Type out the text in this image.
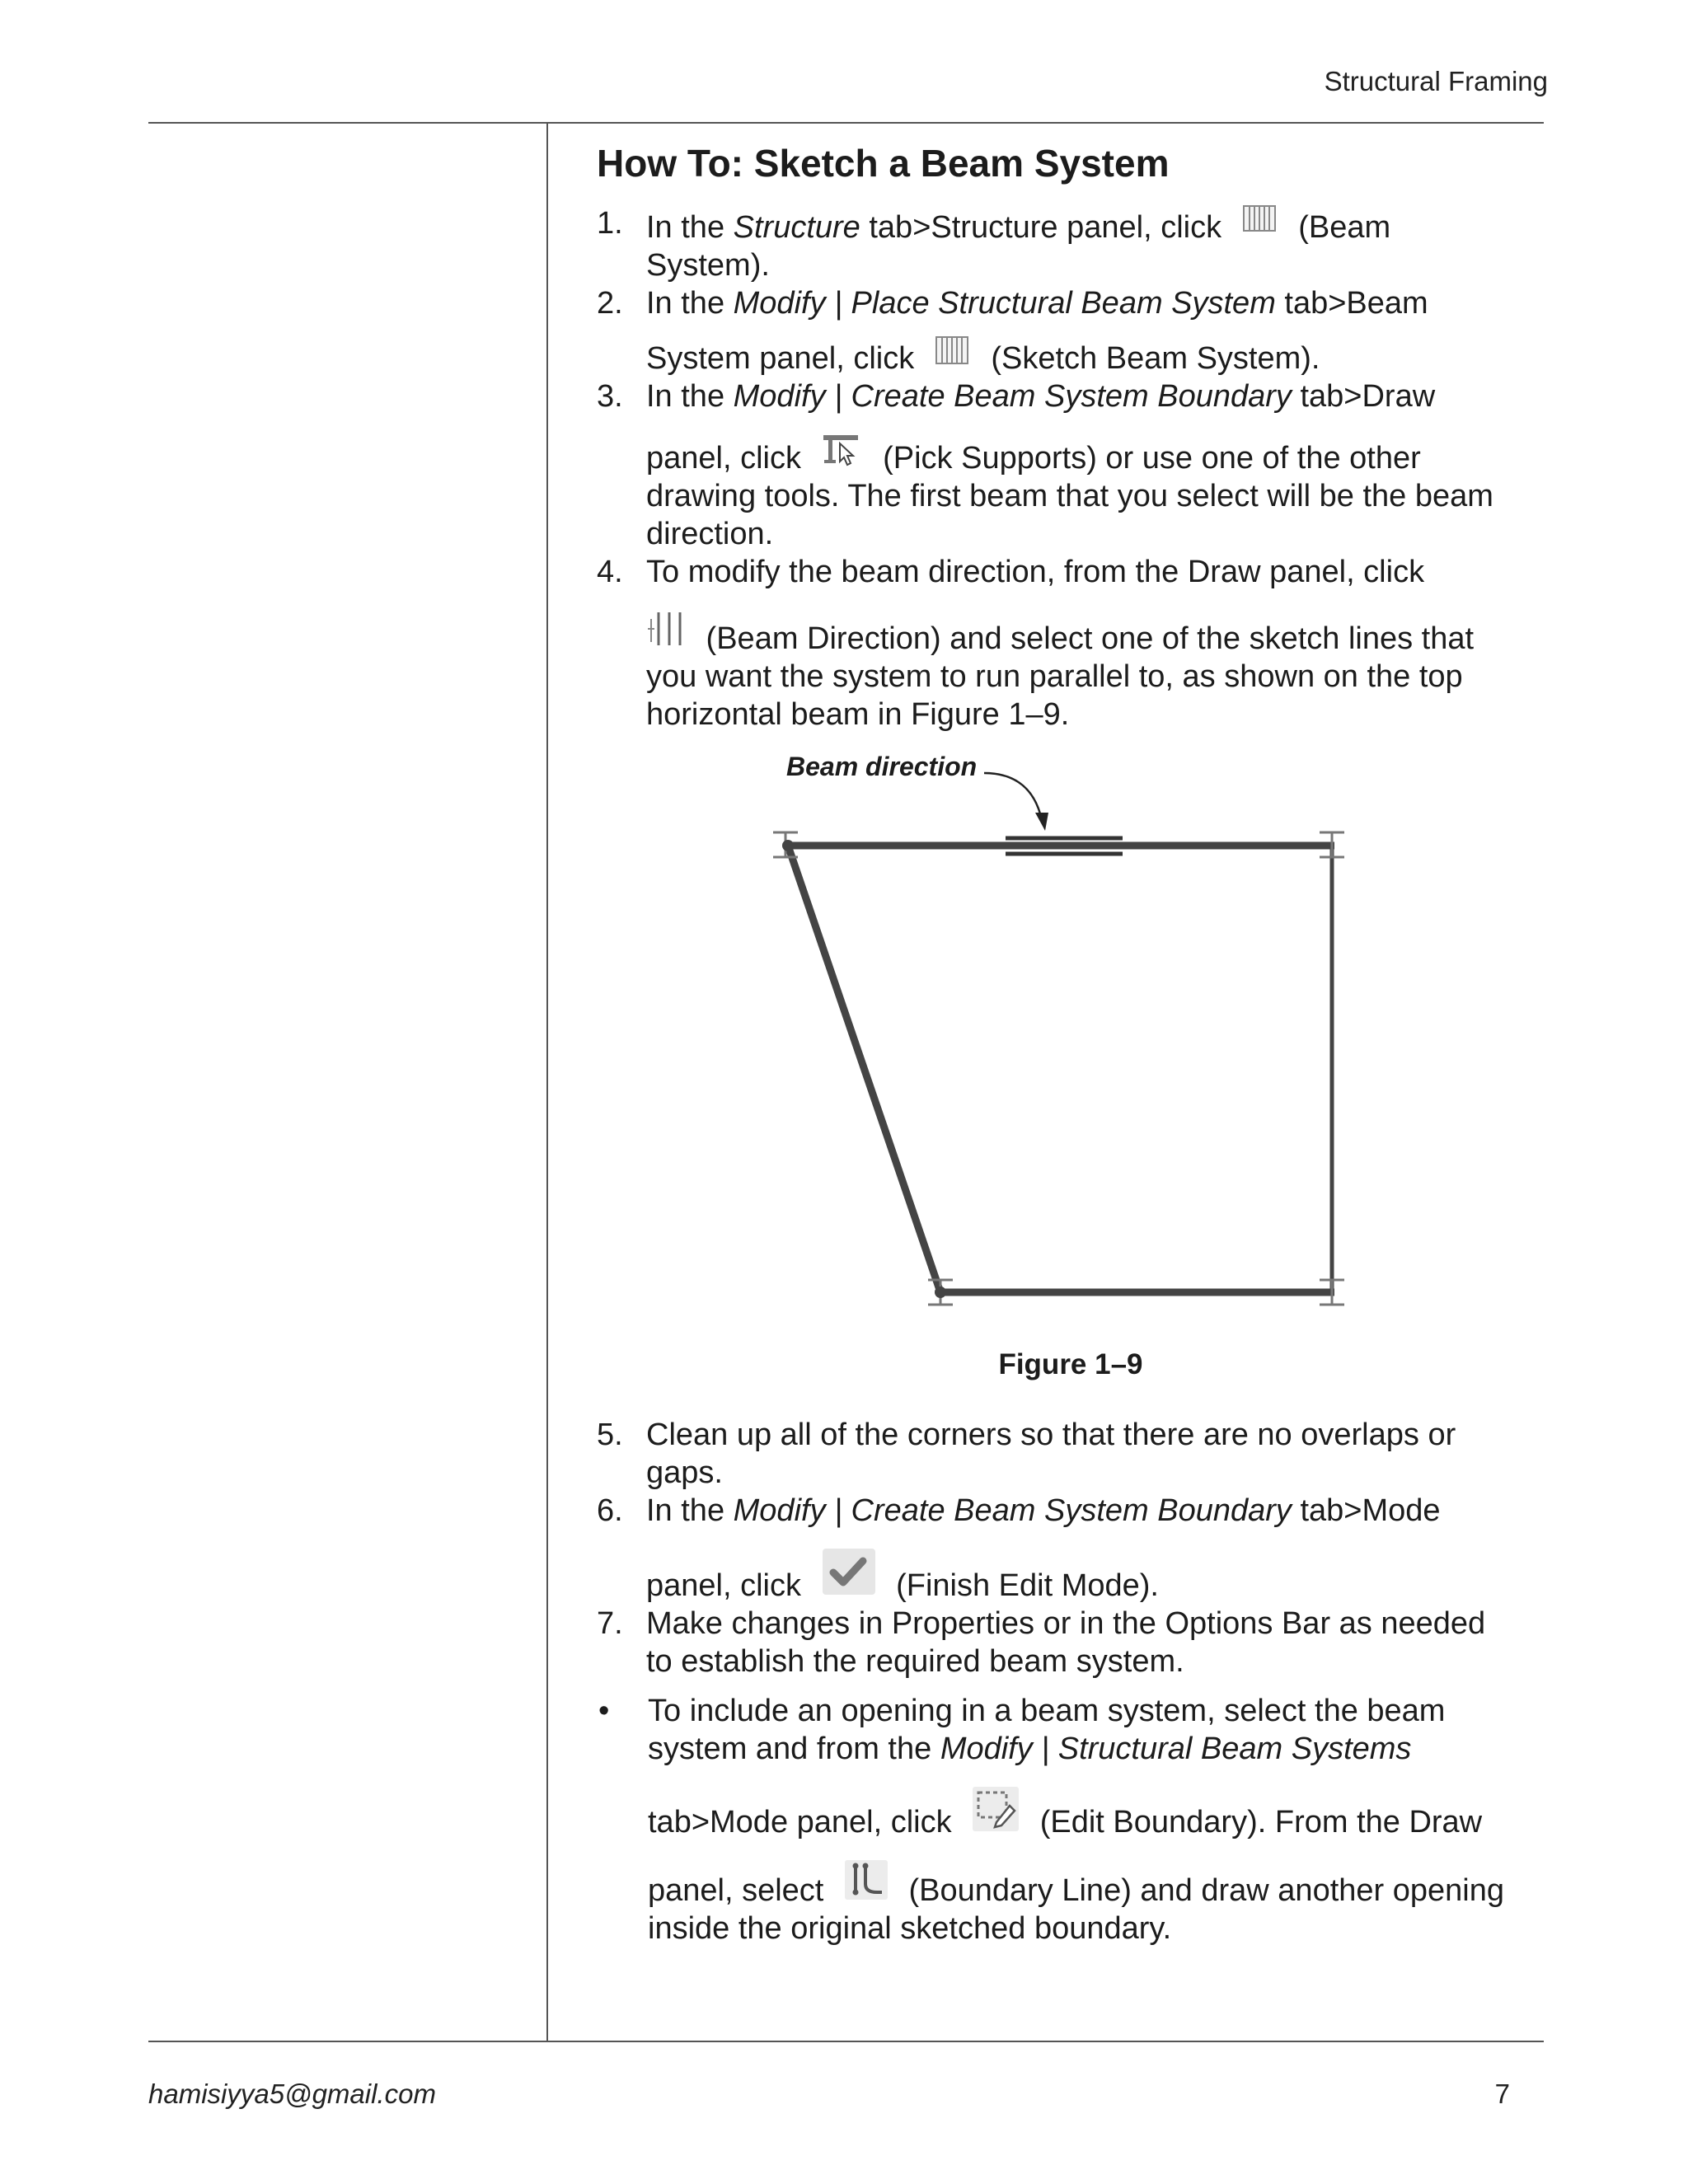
Structural Framing
How To: Sketch a Beam System
1. In the Structure tab>Structure panel, click
(Beam
System).
2. In the Modify | Place Structural Beam System tab>Beam
System panel, click
(Sketch Beam System).
3. In the Modify | Create Beam System Boundary tab>Draw
panel, click
(Pick Supports) or use one of the other
drawing tools. The first beam that you select will be the beam
direction.
4. To modify the beam direction, from the Draw panel, click
(Beam Direction) and select one of the sketch lines that
you want the system to run parallel to, as shown on the top
horizontal beam in Figure 1–9.
Beam direction
Figure 1–9
5. Clean up all of the corners so that there are no overlaps or
gaps.
6. In the Modify | Create Beam System Boundary tab>Mode
panel, click
(Finish Edit Mode).
7. Make changes in Properties or in the Options Bar as needed
to establish the required beam system.
•	To include an opening in a beam system, select the beam
system and from the Modify | Structural Beam Systems
tab>Mode panel, click
(Edit Boundary). From the Draw
panel, select
(Boundary Line) and draw another opening
inside the original sketched boundary.
hamisiyya5@gmail.com	7
